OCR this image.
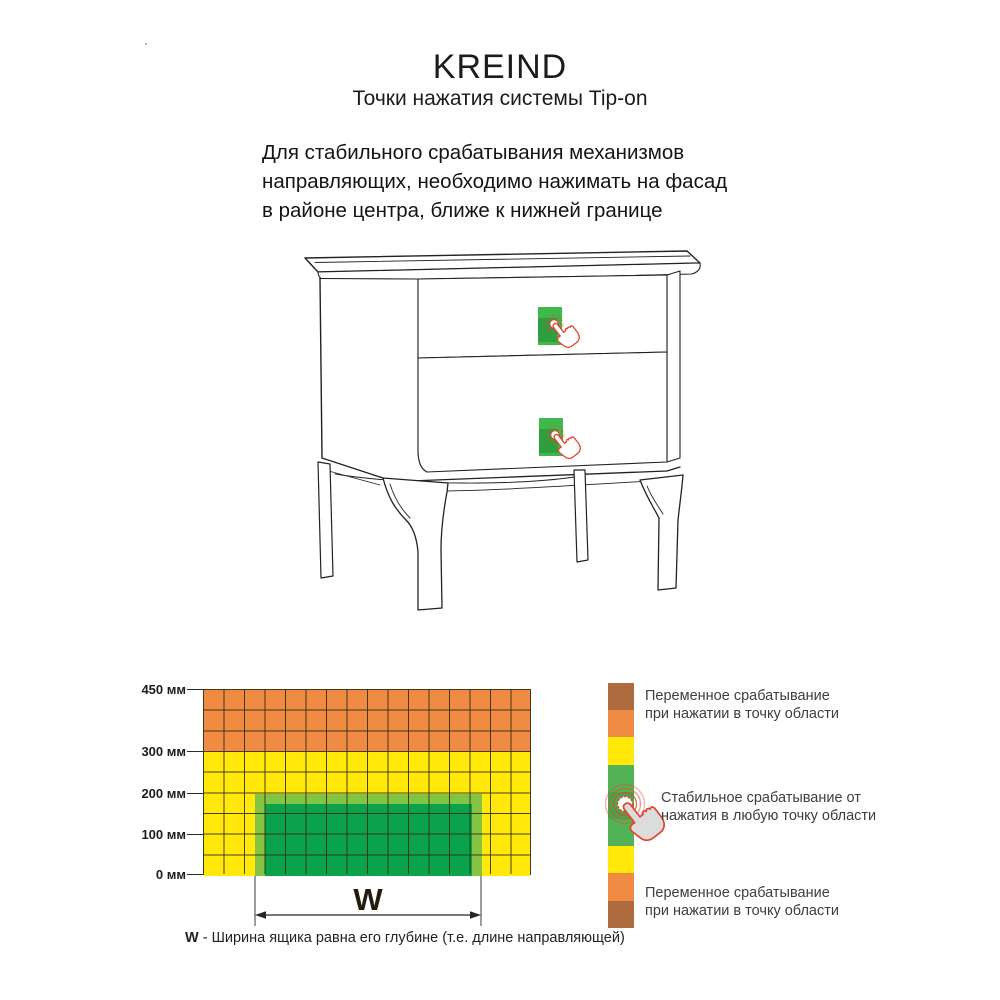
·
KREIND
Точки нажатия системы Tip-on
Для стабильного срабатывания механизмов
направляющих, необходимо нажимать на фасад
в районе центра, ближе к нижней границе
450 мм
300 мм
200 мм
100 мм
0 мм
W
W - Ширина ящика равна его глубине (т.е. длине направляющей)
Переменное срабатывание
при нажатии в точку области
Стабильное срабатывание от
нажатия в любую точку области
Переменное срабатывание
при нажатии в точку области
